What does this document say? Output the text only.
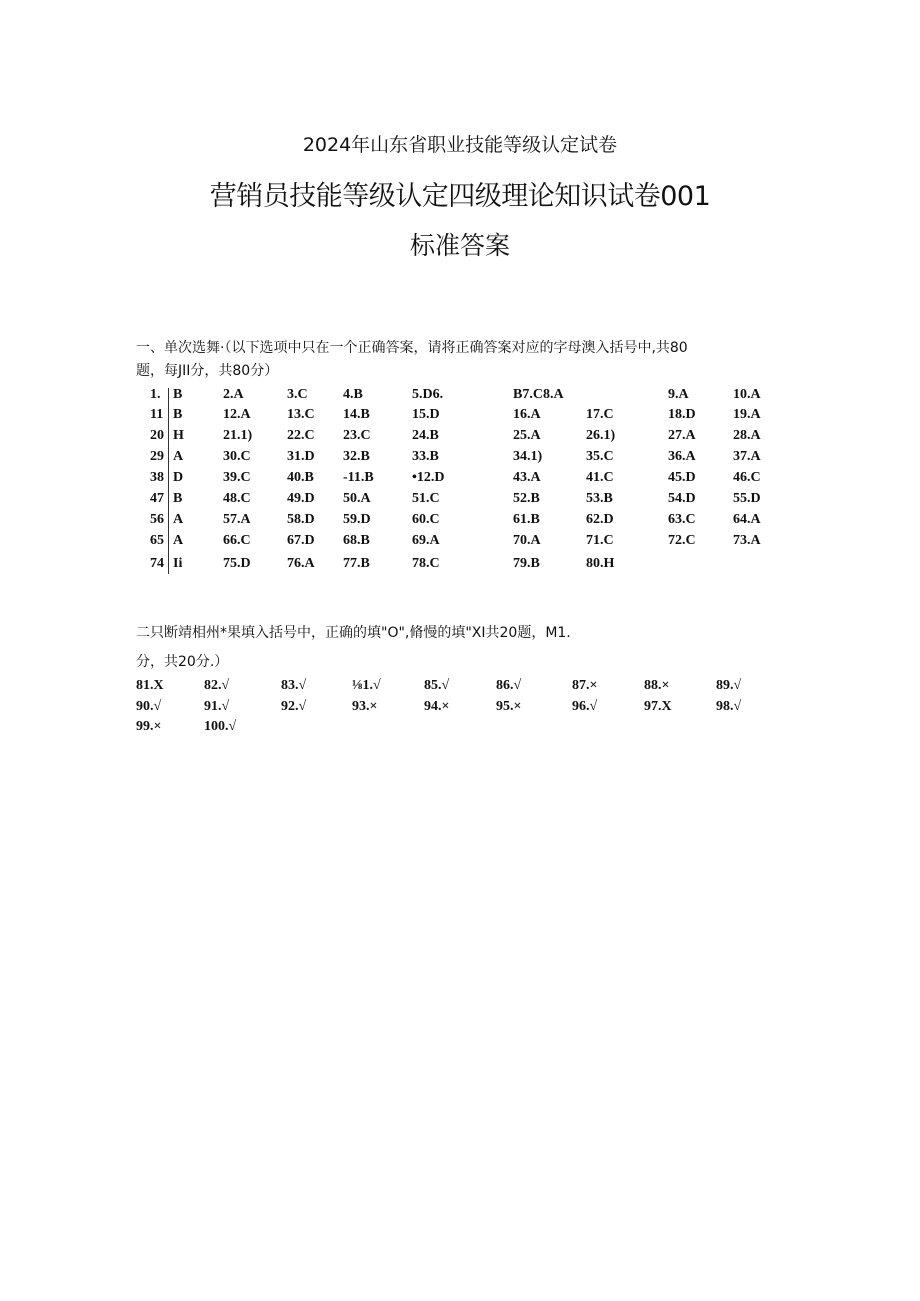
2024年山东省职业技能等级认定试卷
营销员技能等级认定四级理论知识试卷001
标准答案
一、单次选舞·（以下选项中只在一个正确答案，请将正确答案对应的字母澳入括号中,共80
题，每JII分，共80分）
1. B	2.A	3.C	4.B	5.D6.	B7.C8.A	9.A	10.A
11 B	12.A	13.C 14.B	15.D	16.A	17.C	18.D	19.A
20 H	21.1) 22.C 23.C	24.B	25.A	26.1)	27.A	28.A
29 A	30.C	31.D 32.B	33.B	34.1)	35.C	36.A	37.A
38 D	39.C	40.B -11.B	•12.D	43.A	41.C	45.D	46.C
47 B	48.C	49.D 50.A	51.C	52.B	53.B	54.D	55.D
56 A	57.A	58.D 59.D	60.C	61.B	62.D	63.C	64.A
65 A	66.C	67.D 68.B	69.A	70.A	71.C	72.C	73.A
74 Ii	75.D	76.A 77.B	78.C	79.B	80.H
二只断靖相州*果填入括号中，正确的填"O",脩慢的填"XI共20题，M1.
分，共20分.）
81.X	82.√	83.√	⅛1.√	85.√	86.√	87.×	88.×	89.√
90.√	91.√	92.√	93.×	94.×	95.×	96.√	97.X	98.√
99.×	100.√
